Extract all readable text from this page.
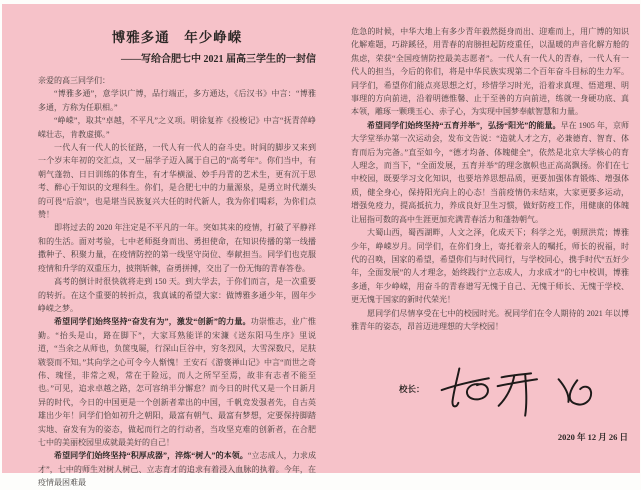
博雅多通　年少峥嵘
——写给合肥七中 2021 届高三学生的一封信
亲爱的高三同学们：

“博雅多通”，意学识广博，品行端正，多方通达，《后汉书》中言：“博雅多通，方称为任职相。”

“峥嵘”，取其“卓越，不平凡”之义项。明徐复祚《投梭记》中言“抚青萍峥嵘壮志，肯教虚掷。”

一代人有一代人的长征路，一代人有一代人的奋斗史。时间的脚步又来到一个岁末年初的交汇点，又一届学子迈入属于自己的“高考年”。你们当中，有朝气蓬勃、日日训练的体育生，有才华横溢、妙手丹青的艺术生，更有沉于思考、醉心于知识的文理科生。你们，是合肥七中的力量源泉，是勇立时代潮头的可畏“后浪”，也是堪当民族复兴大任的时代新人，我为你们喝彩，为你们点赞！

即将过去的 2020 年注定是不平凡的一年。突如其来的疫情，打破了平静祥和的生活。面对考验，七中老师挺身而出、勇担使命，在知识传播的第一线播撒种子、积聚力量，在疫情防控的第一线坚守岗位、奉献担当。同学们也克服疫情和升学的双重压力，披荆斩棘，奋勇拼搏，交出了一份无悔的青春答卷。

高考的倒计时很快就将走到 150 天。到大学去，于你们而言，是一次重要的转折。在这个重要的转折点，我真诚的希望大家：做博雅多通少年，圆年少峥嵘之梦。

希望同学们始终坚持“奋发有为”，激发“创新”的力量。功崇惟志，业广惟勤。“抬头是山，路在脚下”，大家耳熟能详的宋濂《送东阳马生序》里说道，“当余之从师也，负箧曳屣，行深山巨谷中，穷冬烈风，大雪深数尺，足肤皲裂而不知。”其向学之心可令今人惭愧！王安石《游褒禅山记》中言“而世之奇伟、瑰怪，非常之观，常在于险远，而人之所罕至焉，故非有志者不能至也。”可见，追求卓越之路，怎可容纳半分懈怠？而今日的时代又是一个日新月异的时代，今日的中国更是一个创新者辈出的中国，千帆竞发强者先，自古英雄出少年！同学们恰如初升之朝阳，最富有朝气、最富有梦想，定要保持脚踏实地、奋发有为的姿态，做起而行之的行动者，当攻坚克难的创新者，在合肥七中的美丽校园里成就最美好的自己！

希望同学们始终坚持“积厚成器”，淬炼“树人”的本领。“立志成人，力求成才”，七中的师生对树人树己、立志育才的追求有着浸入血脉的执着。今年，在疫情最困难最

危急的时候，中华大地上有多少青年毅然挺身而出、迎难而上，用广博的知识化解难题，巧辟蹊径，用青春的肩膀担起防疫重任，以温暖的声音化解方舱的焦虑，荣获“全国疫情防控最美志愿者”。一代人有一代人的青春，一代人有一代人的担当，今后的你们，将是中华民族实现第二个百年奋斗目标的生力军。同学们，希望你们能点亮思想之灯，珍惜学习时光，沿着求真理、悟道理、明事理的方向前进，沿着明德惟馨、止于至善的方向前进，练就一身硬功底、真本领，雕琢一颗璞玉心、赤子心，为实现中国梦奉献智慧和力量。

希望同学们始终坚持“五育并举”，弘扬“阳光”的能量。早在 1905 年，京师大学堂举办第一次运动会，发布文告说：“造就人才之方，必兼德育、智育、体育而后为完备。”直至如今，“德才均备、体魄健全”，依然是北京大学核心的育人理念，而当下，“全面发展，五育并举”的理念旗帜也正高高飘扬。你们在七中校园，既要学习文化知识，也要培养思想品质，更要加强体育锻炼、增强体质，健全身心，保持阳光向上的心态！当前疫情仍未结束，大家更要多运动，增强免疫力，提高抵抗力，养成良好卫生习惯，做好防疫工作，用健康的体魄让屈指可数的高中生涯更加充满青春活力和蓬勃朝气。

大蜀山西，蜀西湖畔，人文之泽，化成天下；科学之光，朝照洪荒；博雅少年，峥嵘岁月。同学们，在你们身上，寄托着亲人的嘱托，师长的祝福，时代的召唤，国家的希望，希望你们与时代同行，与学校同心，携手时代“五好少年，全面发展”的人才理念，始终践行“立志成人，力求成才”的七中校训，博雅多通，年少峥嵘，用奋斗的青春谱写无愧于自己、无愧于师长、无愧于学校、更无愧于国家的新时代荣光！

愿同学们尽情享受在七中的校园时光。祝同学们在令人期待的 2021 年以博雅青年的姿态，昂首迈进理想的大学校园！

校长：
2020 年 12 月 26 日
